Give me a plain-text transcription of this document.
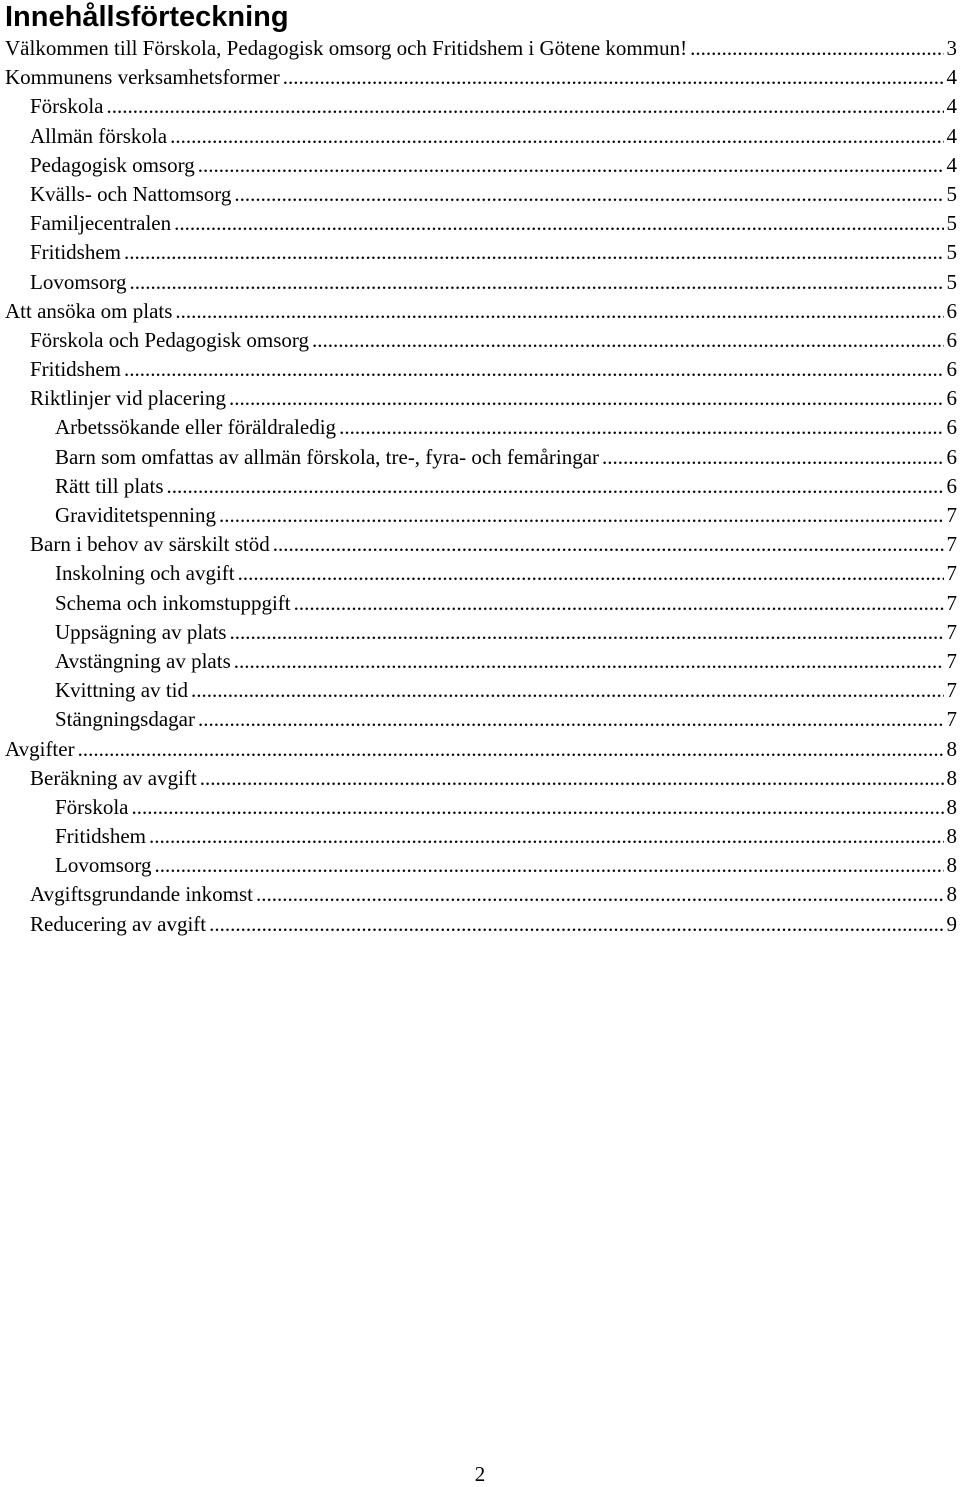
Innehållsförteckning
Välkommen till Förskola, Pedagogisk omsorg och Fritidshem i Götene kommun! .....	3
Kommunens verksamhetsformer .....	4
Förskola .....	4
Allmän förskola .....	4
Pedagogisk omsorg .....	4
Kvälls- och Nattomsorg .....	5
Familjecentralen .....	5
Fritidshem .....	5
Lovomsorg .....	5
Att ansöka om plats .....	6
Förskola och Pedagogisk omsorg .....	6
Fritidshem .....	6
Riktlinjer vid placering .....	6
Arbetssökande eller föräldraledig .....	6
Barn som omfattas av allmän förskola, tre-, fyra- och femåringar .....	6
Rätt till plats .....	6
Graviditetspenning .....	7
Barn i behov av särskilt stöd .....	7
Inskolning och avgift .....	7
Schema och inkomstuppgift .....	7
Uppsägning av plats .....	7
Avstängning av plats .....	7
Kvittning av tid .....	7
Stängningsdagar .....	7
Avgifter .....	8
Beräkning av avgift .....	8
Förskola .....	8
Fritidshem .....	8
Lovomsorg .....	8
Avgiftsgrundande inkomst .....	8
Reducering av avgift .....	9
2
